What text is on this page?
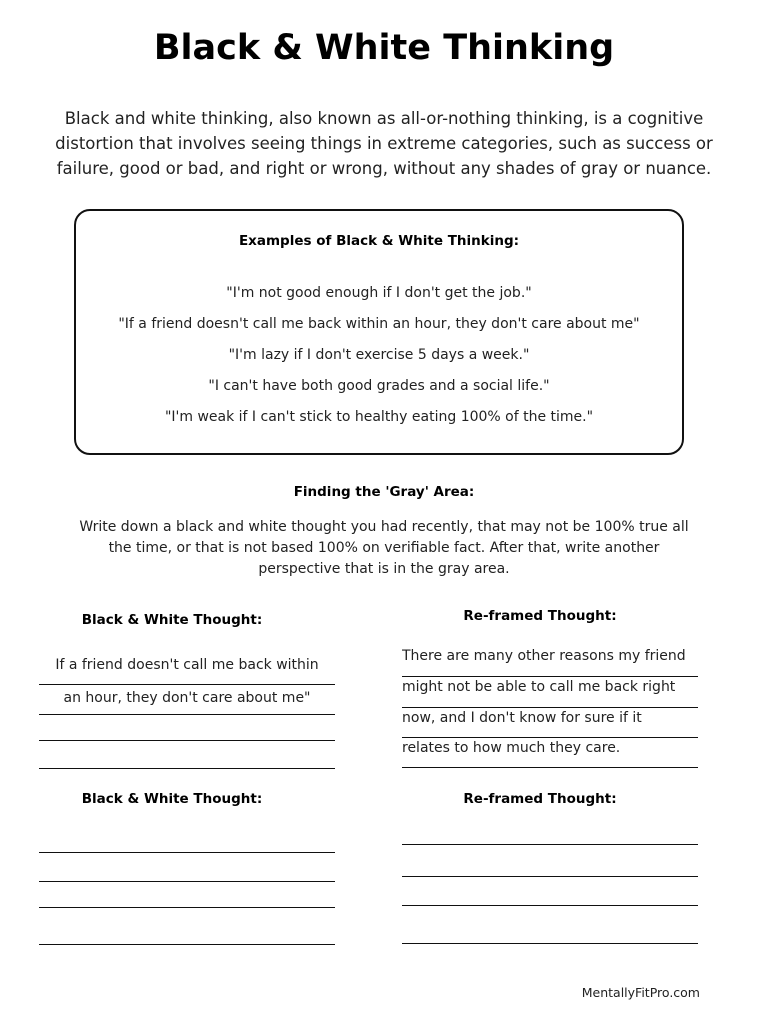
Black & White Thinking
Black and white thinking, also known as all-or-nothing thinking, is a cognitive distortion that involves seeing things in extreme categories, such as success or failure, good or bad, and right or wrong, without any shades of gray or nuance.
Examples of Black & White Thinking:
"I'm not good enough if I don't get the job."
"If a friend doesn't call me back within an hour, they don't care about me"
"I'm lazy if I don't exercise 5 days a week."
"I can't have both good grades and a social life."
"I'm weak if I can't stick to healthy eating 100% of the time."
Finding the 'Gray' Area:
Write down a black and white thought you had recently, that may not be 100% true all the time, or that is not based 100% on verifiable fact. After that, write another perspective that is in the gray area.
Black & White Thought:	Re-framed Thought:
If a friend doesn't call me back within
an hour, they don't care about me"
There are many other reasons my friend
might not be able to call me back right
now, and I don't know for sure if it
relates to how much they care.
Black & White Thought:	Re-framed Thought:
MentallyFitPro.com
